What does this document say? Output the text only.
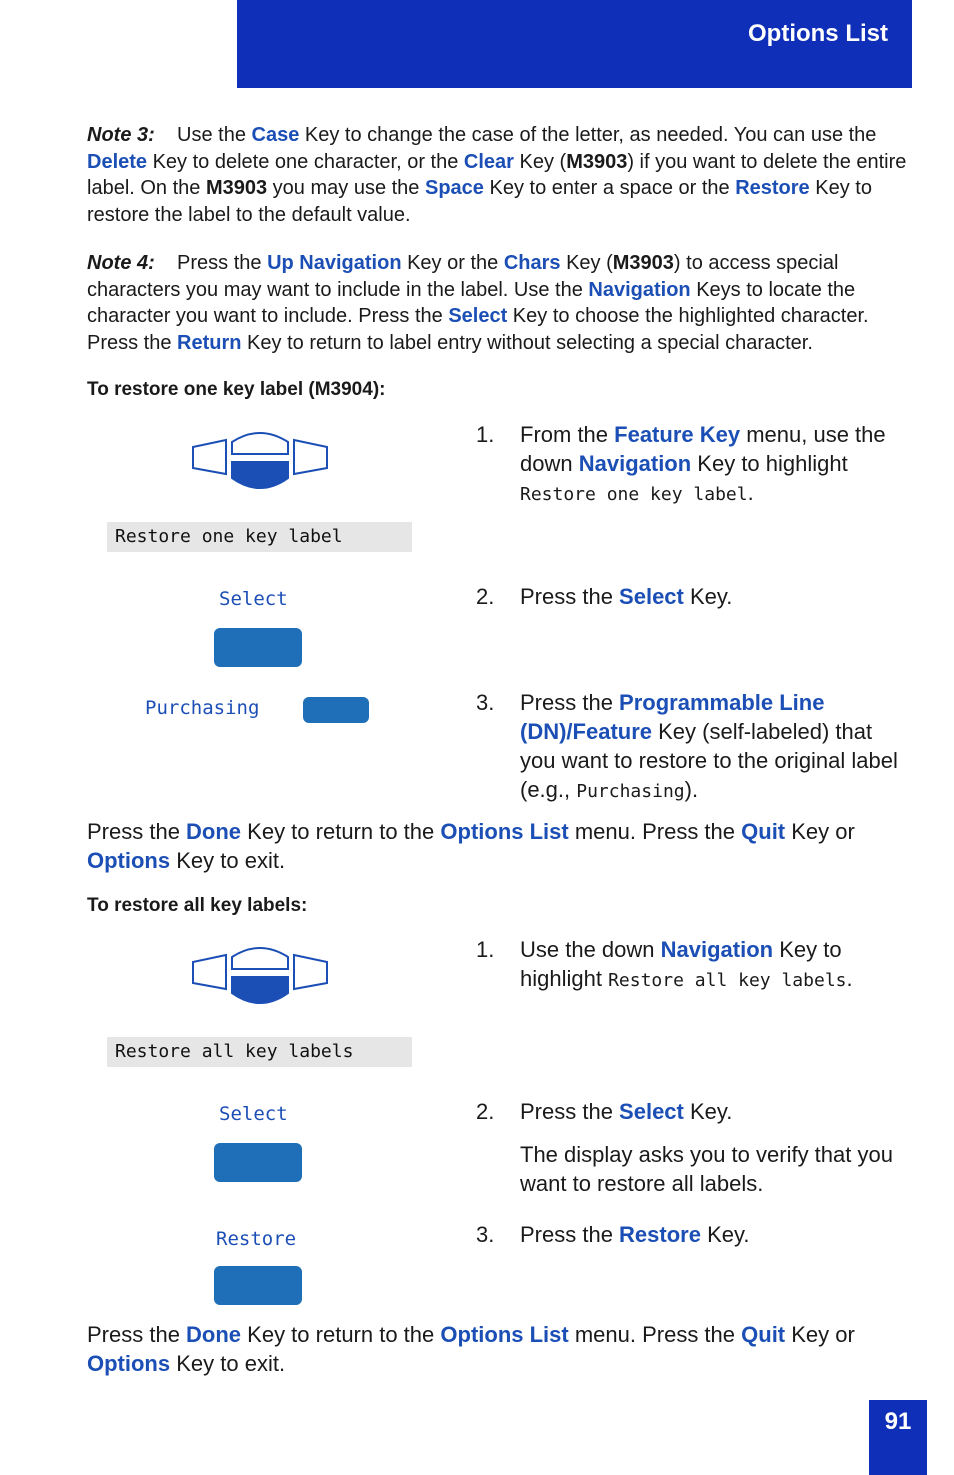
Options List

Note 3: Use the Case Key to change the case of the letter, as needed. You can use the Delete Key to delete one character, or the Clear Key (M3903) if you want to delete the entire label. On the M3903 you may use the Space Key to enter a space or the Restore Key to restore the label to the default value.

Note 4: Press the Up Navigation Key or the Chars Key (M3903) to access special characters you may want to include in the label. Use the Navigation Keys to locate the character you want to include. Press the Select Key to choose the highlighted character. Press the Return Key to return to label entry without selecting a special character.

To restore one key label (M3904):
Restore one key label
Select
Purchasing
1. From the Feature Key menu, use the down Navigation Key to highlight Restore one key label.
2. Press the Select Key.
3. Press the Programmable Line (DN)/Feature Key (self-labeled) that you want to restore to the original label (e.g., Purchasing).

Press the Done Key to return to the Options List menu. Press the Quit Key or Options Key to exit.

To restore all key labels:
Restore all key labels
Select
Restore
1. Use the down Navigation Key to highlight Restore all key labels.
2. Press the Select Key.
The display asks you to verify that you want to restore all labels.
3. Press the Restore Key.

Press the Done Key to return to the Options List menu. Press the Quit Key or Options Key to exit.

91
